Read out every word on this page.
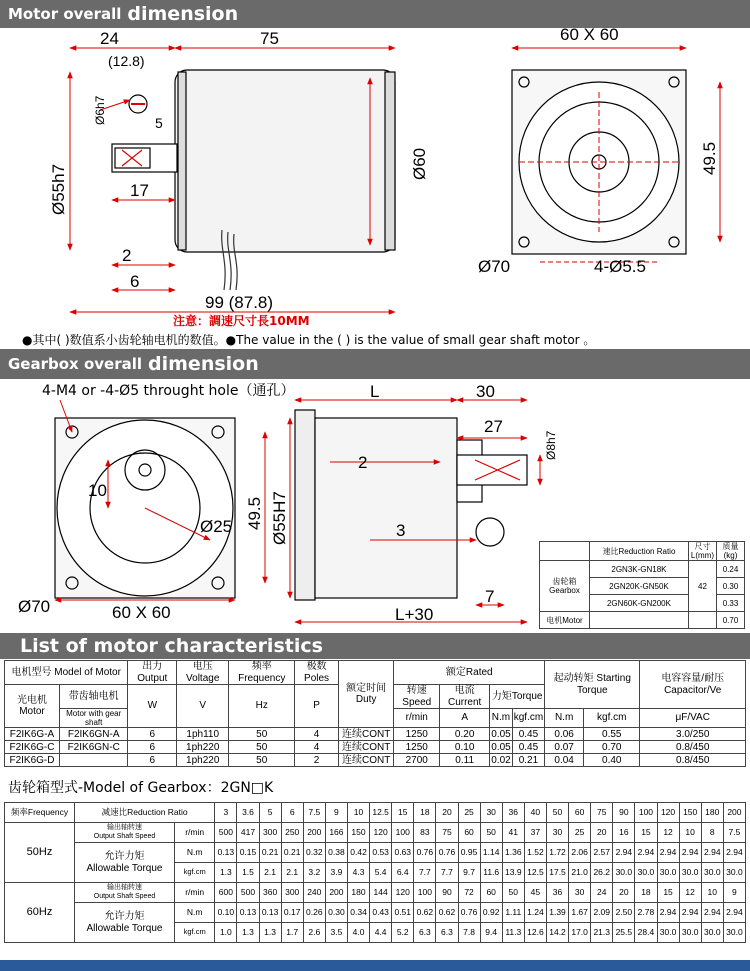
Motor overall dimension
24
(12.8)
75
5
17
2
6
99 (87.8)
60 X 60
Ø70	4-Ø5.5
Ø55h7
Ø6h7
Ø60	49.5
注意：調速尺寸長10MM
●其中( )数值系小齿轮轴电机的数值。●The value in the ( ) is the value of small gear shaft motor 。
Gearbox overall dimension
4-M4 or -4-Ø5 throught hole（通孔）
10
Ø25
Ø70	60 X 60
L	30
27
2
3
7
L+30
49.5 Ø55H7
Ø8h7
	速比Reduction Ratio	尺寸 L(mm)	质量 (kg)
齿轮箱 Gearbox	2GN3K-GN18K	42	0.24
	2GN20K-GN50K		0.30
	2GN60K-GN200K		0.33
电机Motor			0.70
List of motor characteristics
电机型号 Model of Motor		出力 Output	电压 Voltage	频率 Frequency	极数 Poles	额定时间 Duty	额定Rated				起动转矩 Starting Torque		电容容量/耐压 Capacitor/Ve
光电机 Motor	带齿轴电机	W	V	Hz	P		转速Speed	电流Current	力矩Torque				
	Motor with gear shaft						r/min	A	N.m	kgf.cm	N.m	kgf.cm	μF/VAC
F2IK6G-A	F2IK6GN-A	6	1ph110	50	4	连续CONT	1250	0.20	0.05	0.45	0.06	0.55	3.0/250
F2IK6G-C	F2IK6GN-C	6	1ph220	50	4	连续CONT	1250	0.10	0.05	0.45	0.07	0.70	0.8/450
F2IK6G-D		6	1ph220	50	2	连续CONT	2700	0.11	0.02	0.21	0.04	0.40	0.8/450
齿轮箱型式-Model of Gearbox：2GN□K
频率Frequency	减速比Reduction Ratio		3	3.6	5	6	7.5	9	10	12.5	15	18	20	25	30	36	40	50	60	75	90	100	120	150	180	200
50Hz	输出轴转速
Output Shaft Speed	r/min	500	417	300	250	200	166	150	120	100	83	75	60	50	41	37	30	25	20	16	15	12	10	8	7.5

	允许力矩
Allowable Torque	N.m	0.13	0.15	0.21	0.21	0.32	0.38	0.42	0.53	0.63	0.76	0.76	0.95	1.14	1.36	1.52	1.72	2.06	2.57	2.94	2.94	2.94	2.94	2.94	2.94
		kgf.cm	1.3	1.5	2.1	2.1	3.2	3.9	4.3	5.4	6.4	7.7	7.7	9.7	11.6	13.9	12.5	17.5	21.0	26.2	30.0	30.0	30.0	30.0	30.0	30.0
60Hz	输出轴转速
Output Shaft Speed	r/min	600	500	360	300	240	200	180	144	120	100	90	72	60	50	45	36	30	24	20	18	15	12	10	9

	允许力矩
Allowable Torque	N.m	0.10	0.13	0.13	0.17	0.26	0.30	0.34	0.43	0.51	0.62	0.62	0.76	0.92	1.11	1.24	1.39	1.67	2.09	2.50	2.78	2.94	2.94	2.94	2.94
		kgf.cm	1.0	1.3	1.3	1.7	2.6	3.5	4.0	4.4	5.2	6.3	6.3	7.8	9.4	11.3	12.6	14.2	17.0	21.3	25.5	28.4	30.0	30.0	30.0	30.0
